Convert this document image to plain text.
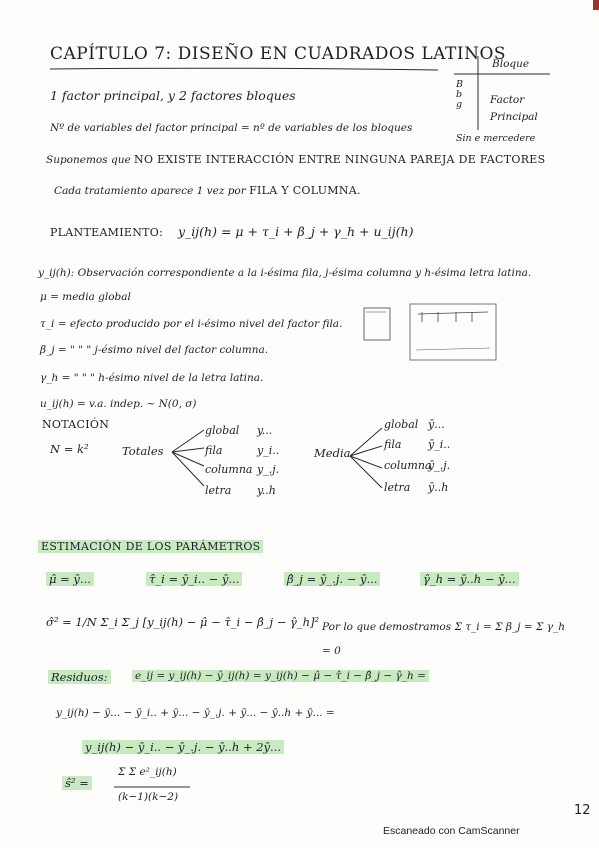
CAPÍTULO 7: DISEÑO EN CUADRADOS LATINOS
Bloque
B b g	Factor
Principal
Sin e mercedere
1 factor principal, y 2 factores bloques
Nº de variables del factor principal = nº de variables de los bloques
Suponemos que NO EXISTE INTERACCIÓN ENTRE NINGUNA PAREJA DE FACTORES
Cada tratamiento aparece 1 vez por FILA Y COLUMNA.
PLANTEAMIENTO: y_ij(h) = μ + τ_i + β_j + γ_h + u_ij(h)
y_ij(h): Observación correspondiente a la i-ésima fila, j-ésima columna y h-ésima letra latina.
μ = media global
τ_i = efecto producido por el i-ésimo nivel del factor fila.
β_j = " " " j-ésimo nivel del factor columna.
γ_h = " " " h-ésimo nivel de la letra latina.
u_ij(h) = v.a. indep. ~ N(0, σ)
NOTACIÓN
N = k²	Totales
global y...
fila	y_i..
columna y_.j.
letra y..h
Media
global ȳ...
fila ȳ_i..
columna
ȳ_.j.
letra ȳ..h
ESTIMACIÓN DE LOS PARÁMETROS
μ̂ = ȳ...	τ̂_i = ȳ_i.. − ȳ...	β̂_j = ȳ_.j. − ȳ...	γ̂_h = ȳ..h − ȳ...
σ̂² = 1/N Σ_i Σ_j [y_ij(h) − μ̂ − τ̂_i − β̂_j − γ̂_h]² Por lo que demostramos Σ τ_i = Σ β_j = Σ γ_h = 0
Residuos:	e_ij = y_ij(h) − ŷ_ij(h) = y_ij(h) − μ̂ − τ̂_i − β̂_j − γ̂_h =
y_ij(h) − ȳ... − ȳ_i.. + ȳ... − ȳ_.j. + ȳ... − ȳ..h + ȳ... =
y_ij(h) − ȳ_i.. − ȳ_.j. − ȳ..h + 2ȳ...
ŝ² =
Σ Σ e²_ij(h)
(k−1)(k−2)
12
Escaneado con CamScanner
